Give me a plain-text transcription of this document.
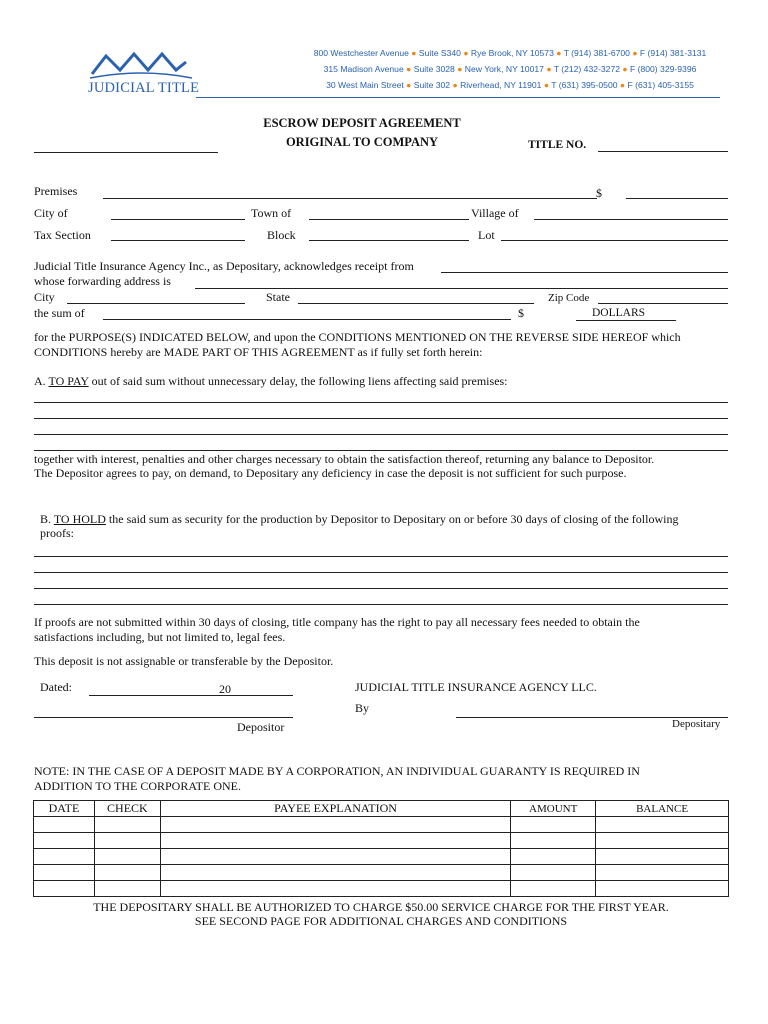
JUDICIAL TITLE
800 Westchester Avenue ● Suite S340 ● Rye Brook, NY 10573 ● T (914) 381-6700 ● F (914) 381-3131
315 Madison Avenue ● Suite 3028 ● New York, NY 10017 ● T (212) 432-3272 ● F (800) 329-9396
30 West Main Street ● Suite 302 ● Riverhead, NY 11901 ● T (631) 395-0500 ● F (631) 405-3155
ESCROW DEPOSIT AGREEMENT
ORIGINAL TO COMPANY	TITLE NO.
Premises	$
City of	Town of	Village of
Tax Section	Block	Lot
Judicial Title Insurance Agency Inc., as Depositary, acknowledges receipt from
whose forwarding address is
City	State	Zip Code
the sum of	$	DOLLARS
for the PURPOSE(S) INDICATED BELOW, and upon the CONDITIONS MENTIONED ON THE REVERSE SIDE HEREOF which
CONDITIONS hereby are MADE PART OF THIS AGREEMENT as if fully set forth herein:
A. TO PAY out of said sum without unnecessary delay, the following liens affecting said premises:
together with interest, penalties and other charges necessary to obtain the satisfaction thereof, returning any balance to Depositor.
The Depositor agrees to pay, on demand, to Depositary any deficiency in case the deposit is not sufficient for such purpose.
B. TO HOLD the said sum as security for the production by Depositor to Depositary on or before 30 days of closing of the following
proofs:
If proofs are not submitted within 30 days of closing, title company has the right to pay all necessary fees needed to obtain the
satisfactions including, but not limited to, legal fees.
This deposit is not assignable or transferable by the Depositor.
Dated:	20	JUDICIAL TITLE INSURANCE AGENCY LLC.
By
Depositor	Depositary
NOTE: IN THE CASE OF A DEPOSIT MADE BY A CORPORATION, AN INDIVIDUAL GUARANTY IS REQUIRED IN
ADDITION TO THE CORPORATE ONE.
DATE	CHECK	PAYEE EXPLANATION	AMOUNT	BALANCE

THE DEPOSITARY SHALL BE AUTHORIZED TO CHARGE $50.00 SERVICE CHARGE FOR THE FIRST YEAR.
SEE SECOND PAGE FOR ADDITIONAL CHARGES AND CONDITIONS
